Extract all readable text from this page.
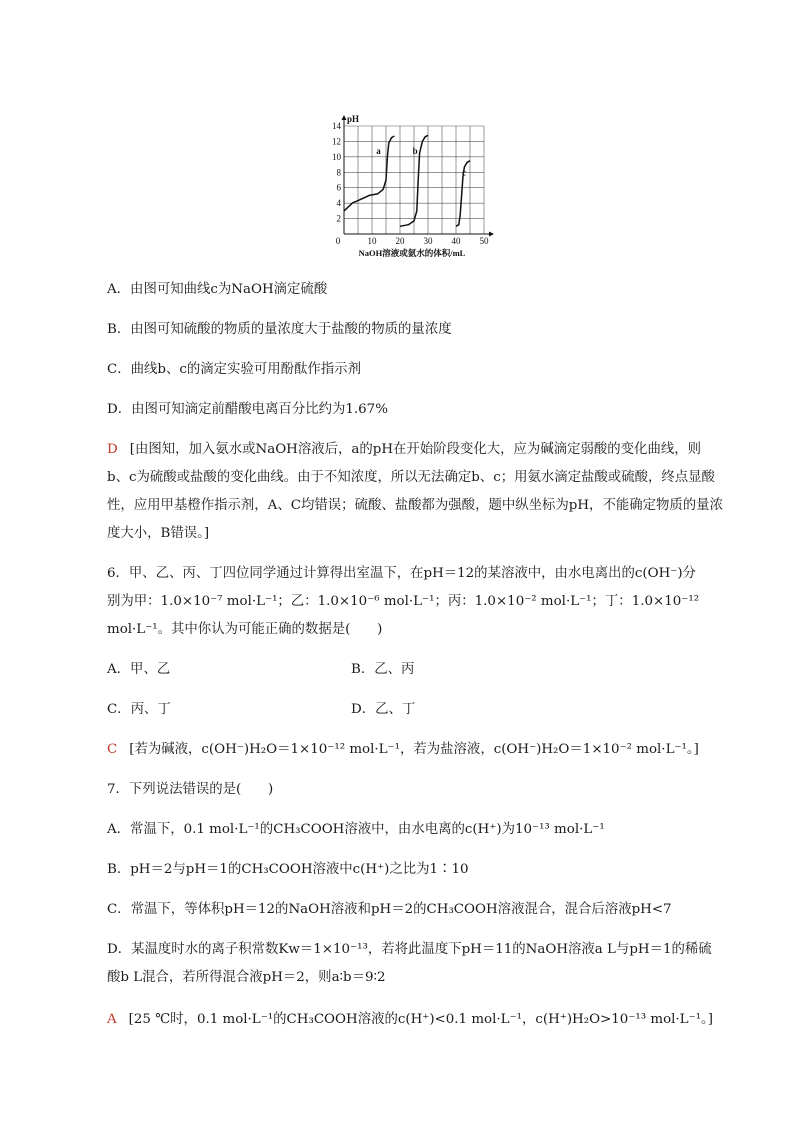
2
4
6
8
10
12
14
0	10 20 30 40 50
pH
NaOH溶液或氨水的体积/mL
a	b
c
A．由图可知曲线c为NaOH滴定硫酸
B．由图可知硫酸的物质的量浓度大于盐酸的物质的量浓度
C．曲线b、c的滴定实验可用酚酞作指示剂
D．由图可知滴定前醋酸电离百分比约为1.67%
D [由图知，加入氨水或NaOH溶液后，a的pH在开始阶段变化大，应为碱滴定弱酸的变化曲线，则
b、c为硫酸或盐酸的变化曲线。由于不知浓度，所以无法确定b、c；用氨水滴定盐酸或硫酸，终点显酸
性，应用甲基橙作指示剂，A、C均错误；硫酸、盐酸都为强酸，题中纵坐标为pH，不能确定物质的量浓
度大小，B错误。]
6．甲、乙、丙、丁四位同学通过计算得出室温下，在pH＝12的某溶液中，由水电离出的c(OH⁻)分
别为甲：1.0×10⁻⁷ mol·L⁻¹；乙：1.0×10⁻⁶ mol·L⁻¹；丙：1.0×10⁻² mol·L⁻¹；丁：1.0×10⁻¹²
mol·L⁻¹。其中你认为可能正确的数据是(　　)
A．甲、乙	B．乙、丙
C．丙、丁	D．乙、丁
C [若为碱液，c(OH⁻)H₂O＝1×10⁻¹² mol·L⁻¹，若为盐溶液，c(OH⁻)H₂O＝1×10⁻² mol·L⁻¹。]
7．下列说法错误的是(　　)
A．常温下，0.1 mol·L⁻¹的CH₃COOH溶液中，由水电离的c(H⁺)为10⁻¹³ mol·L⁻¹
B．pH＝2与pH＝1的CH₃COOH溶液中c(H⁺)之比为1∶10
C．常温下，等体积pH＝12的NaOH溶液和pH＝2的CH₃COOH溶液混合，混合后溶液pH<7
D．某温度时水的离子积常数Kw＝1×10⁻¹³，若将此温度下pH＝11的NaOH溶液a L与pH＝1的稀硫
酸b L混合，若所得混合液pH＝2，则a∶b＝9∶2
A [25 ℃时，0.1 mol·L⁻¹的CH₃COOH溶液的c(H⁺)<0.1 mol·L⁻¹，c(H⁺)H₂O>10⁻¹³ mol·L⁻¹。]
